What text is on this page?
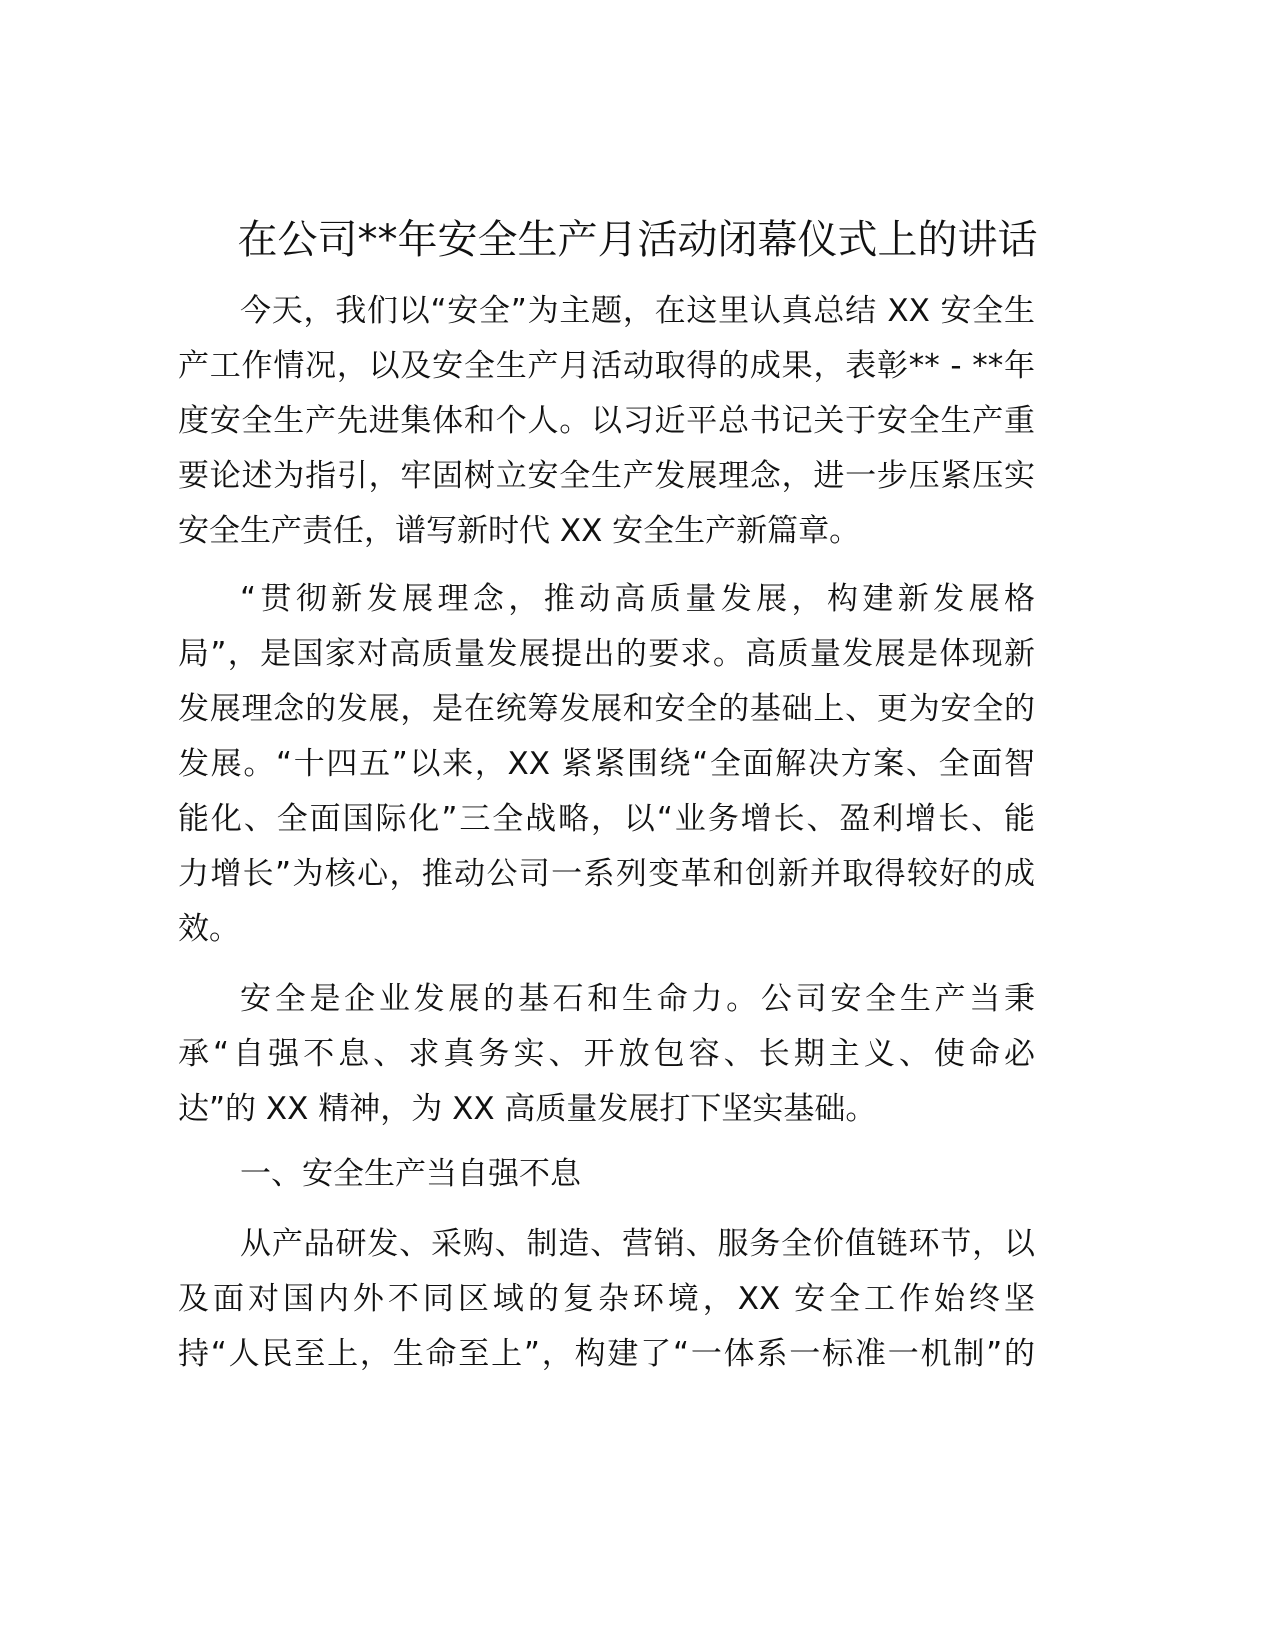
在公司**年安全生产月活动闭幕仪式上的讲话
今天，我们以“安全”为主题，在这里认真总结 XX 安全生
产工作情况，以及安全生产月活动取得的成果，表彰** - **年
度安全生产先进集体和个人。以习近平总书记关于安全生产重
要论述为指引，牢固树立安全生产发展理念，进一步压紧压实
安全生产责任，谱写新时代 XX 安全生产新篇章。
“贯彻新发展理念，推动高质量发展，构建新发展格
局”，是国家对高质量发展提出的要求。高质量发展是体现新
发展理念的发展，是在统筹发展和安全的基础上、更为安全的
发展。“十四五”以来，XX 紧紧围绕“全面解决方案、全面智
能化、全面国际化”三全战略，以“业务增长、盈利增长、能
力增长”为核心，推动公司一系列变革和创新并取得较好的成
效。
安全是企业发展的基石和生命力。公司安全生产当秉
承“自强不息、求真务实、开放包容、长期主义、使命必
达”的 XX 精神，为 XX 高质量发展打下坚实基础。
一、安全生产当自强不息
从产品研发、采购、制造、营销、服务全价值链环节，以
及面对国内外不同区域的复杂环境，XX 安全工作始终坚
持“人民至上，生命至上”，构建了“一体系一标准一机制”的
